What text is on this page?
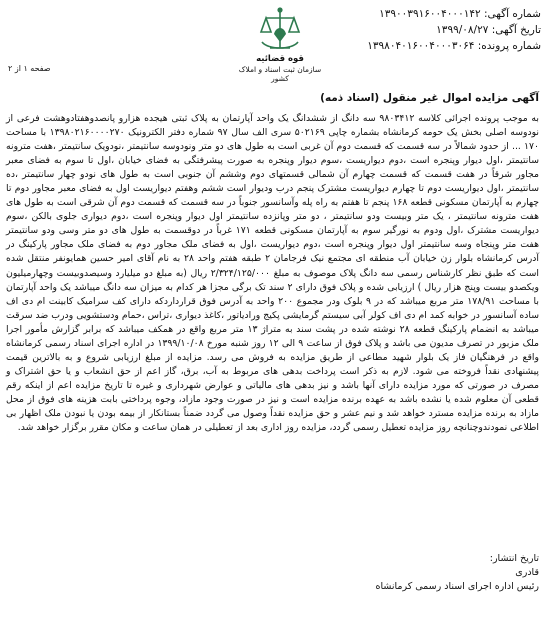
شماره آگهی: ۱۳۹۰۰۳۹۱۶۰۰۴۰۰۰۱۴۲
تاریخ آگهی: ۱۳۹۹/۰۸/۲۷
شماره پرونده: ۱۳۹۸۰۴۰۱۶۰۰۴۰۰۰۳۰۶۴
قوه قضائیه
سازمان ثبت اسناد و املاک کشور
صفحه ۱ از ۲
آگهی مزایده اموال غیر منقول (اسناد ذمه)
به موجب پرونده اجرائی کلاسه ۹۸۰۳۴۱۲ سه دانگ از ششدانگ یک واحد آپارتمان به پلاک ثبتی هیجده هزارو پانصدوهفتادوهشت فرعی از نودوسه اصلی بخش یک حومه کرمانشاه بشماره چاپی ۵۰۲۱۶۹ سری الف سال ۹۷ شماره دفتر الکترونیک ۱۳۹۸۰۲۱۶۰۰۰۰۲۷۰ با مساحت ۱۷۰ ... از حدود شمالاً در سه قسمت که قسمت دوم آن غربی است به طول های دو متر ونودوسه سانتیمتر ،نودویک سانتیمتر ،هفت مترونه سانتیمتر ،اول دیوار وپنجره است ،دوم دیواریست ،سوم دیوار وپنجره به صورت پیشرفتگی به فضای خیابان ،اول تا سوم به فضای معبر مجاور شرقاً در هفت قسمت که قسمت چهارم آن شمالی قسمتهای دوم وششم آن جنوبی است به طول های نودو چهار سانتیمتر ،ده سانتیمتر ،اول دیواریست دوم تا چهارم دیواریست مشترک پنجم درب ودیوار است ششم وهفتم دیواریست اول به فضای معبر مجاور دوم تا چهارم به آپارتمان مسکونی قطعه ۱۶۸ پنجم تا هفتم به راه پله وآسانسور جنوباً در سه قسمت که قسمت دوم آن شرقی است به طول های هفت مترونه سانتیمتر ، یک متر وبیست ودو سانتیمتر ، دو متر وپانزده سانتیمتر اول دیوار وپنجره است ،دوم دیواری جلوی بالکن ،سوم دیواریست مشترک ،اول ودوم به نورگیر سوم به آپارتمان مسکونی قطعه ۱۷۱ غرباً در دوقسمت به طول های دو متر وسی ودو سانتیمتر هفت متر وپنجاه وسه سانتیمتر اول دیوار وپنجره است ،دوم دیواریست ،اول به فضای ملک مجاور دوم به فضای ملک مجاور پارکینگ در آدرس کرمانشاه بلوار زن خیابان آب منطقه ای مجتمع نیک فرجامان ۲ طبقه هفتم واحد ۲۸ به نام آقای امیر حسین همایونفر منتقل شده است که طبق نظر کارشناس رسمی سه دانگ پلاک موصوف به مبلغ ۲/۳۲۴/۱۲۵/۰۰۰ ریال (به مبلغ دو میلیارد وسیصدوبیست وچهارمیلیون ویکصدو بیست وپنج هزار ریال ) ارزیابی شده و پلاک فوق دارای ۲ سند تک برگی مجزا هر کدام به میزان سه دانگ میباشد یک واحد آپارتمان با مساحت ۱۷۸/۹۱ متر مربع میباشد که در ۹ بلوک ودر مجموع ۲۰۰ واحد به آدرس فوق قرارداردکه دارای کف سرامیک کابینت ام دی اف ساده آسانسور در خوابه کمد ام دی اف کولر آبی سیستم گرمایشی پکیج ورادیاتور ،کاغذ دیواری ،تراس ،حمام ودستشویی ودرب ضد سرقت میباشد به انضمام پارکینگ قطعه ۲۸ نوشته شده در پشت سند به متراژ ۱۳ متر مربع واقع در همکف میباشد که برابر گزارش مأمور اجرا ملک مزبور در تصرف مدیون می باشد و پلاک فوق از ساعت ۹ الی ۱۲ روز شنبه مورخ ۱۳۹۹/۱۰/۰۸ در اداره اجرای اسناد رسمی کرمانشاه واقع در فرهنگیان فاز یک بلوار شهید مطاعی از طریق مزایده به فروش می رسد. مزایده از مبلغ ارزیابی شروع و به بالاترین قیمت پیشنهادی نقداً فروخته می شود. لازم به ذکر است پرداخت بدهی های مربوط به آب، برق، گاز اعم از حق انشعاب و یا حق اشتراک و مصرف در صورتی که مورد مزایده دارای آنها باشد و نیز بدهی های مالیاتی و عوارض شهرداری و غیره تا تاریخ مزایده اعم از اینکه رقم قطعی آن معلوم شده یا نشده باشد به عهده برنده مزایده است و نیز در صورت وجود مازاد، وجوه پرداختی بابت هزینه های فوق از محل مازاد به برنده مزایده مسترد خواهد شد و نیم عشر و حق مزایده نقداً وصول می گردد ضمناً بستانکار از بیمه بودن یا نبودن ملک اظهار بی اطلاعی نمودندوچنانچه روز مزایده تعطیل رسمی گردد، مزایده روز اداری بعد از تعطیلی در همان ساعت و مکان مقرر برگزار خواهد شد.
تاریخ انتشار:
قادری
رئیس اداره اجرای اسناد رسمی کرمانشاه
